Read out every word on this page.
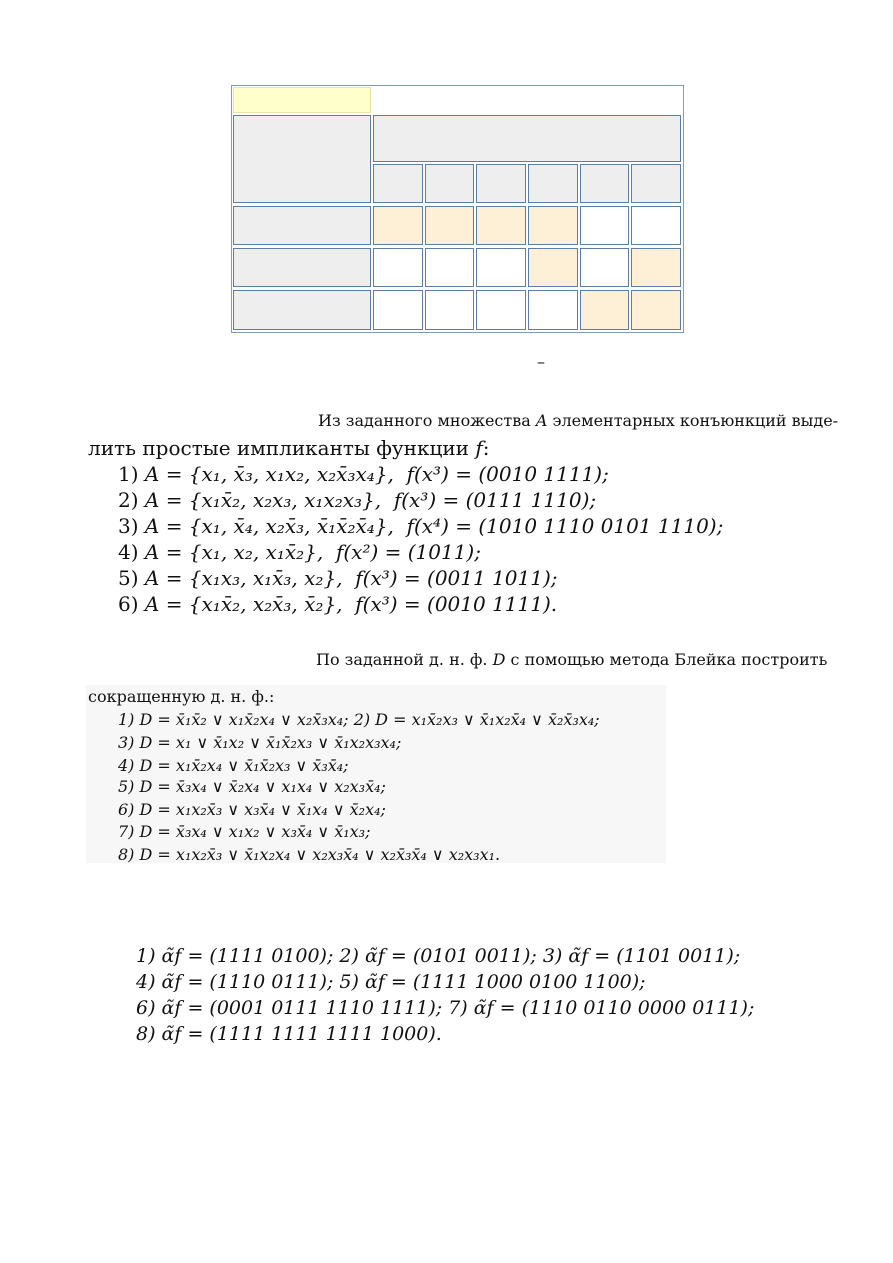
–
Из заданного множества A элементарных конъюнкций выде-
лить простые импликанты функции f:
1) A = {x₁, x̄₃, x₁x₂, x₂x̄₃x₄}, f(x³) = (0010 1111);
2) A = {x₁x̄₂, x₂x₃, x₁x₂x₃}, f(x³) = (0111 1110);
3) A = {x₁, x̄₄, x₂x̄₃, x̄₁x̄₂x̄₄}, f(x⁴) = (1010 1110 0101 1110);
4) A = {x₁, x₂, x₁x̄₂}, f(x²) = (1011);
5) A = {x₁x₃, x₁x̄₃, x₂}, f(x³) = (0011 1011);
6) A = {x₁x̄₂, x₂x̄₃, x̄₂}, f(x³) = (0010 1111).
По заданной д. н. ф. D с помощью метода Блейка построить
сокращенную д. н. ф.:
1) D = x̄₁x̄₂ ∨ x₁x̄₂x₄ ∨ x₂x̄₃x₄; 2) D = x₁x̄₂x₃ ∨ x̄₁x₂x̄₄ ∨ x̄₂x̄₃x₄;
3) D = x₁ ∨ x̄₁x₂ ∨ x̄₁x̄₂x₃ ∨ x̄₁x₂x₃x₄;
4) D = x₁x̄₂x₄ ∨ x̄₁x̄₂x₃ ∨ x̄₃x̄₄;
5) D = x̄₃x₄ ∨ x̄₂x₄ ∨ x₁x₄ ∨ x₂x₃x̄₄;
6) D = x₁x₂x̄₃ ∨ x₃x̄₄ ∨ x̄₁x₄ ∨ x̄₂x₄;
7) D = x̄₃x₄ ∨ x₁x₂ ∨ x₃x̄₄ ∨ x̄₁x₃;
8) D = x₁x₂x̄₃ ∨ x̄₁x₂x₄ ∨ x₂x₃x̄₄ ∨ x₂x̄₃x̄₄ ∨ x₂x₃x₁.
1) α̃f = (1111 0100); 2) α̃f = (0101 0011); 3) α̃f = (1101 0011);
4) α̃f = (1110 0111); 5) α̃f = (1111 1000 0100 1100);
6) α̃f = (0001 0111 1110 1111); 7) α̃f = (1110 0110 0000 0111);
8) α̃f = (1111 1111 1111 1000).
